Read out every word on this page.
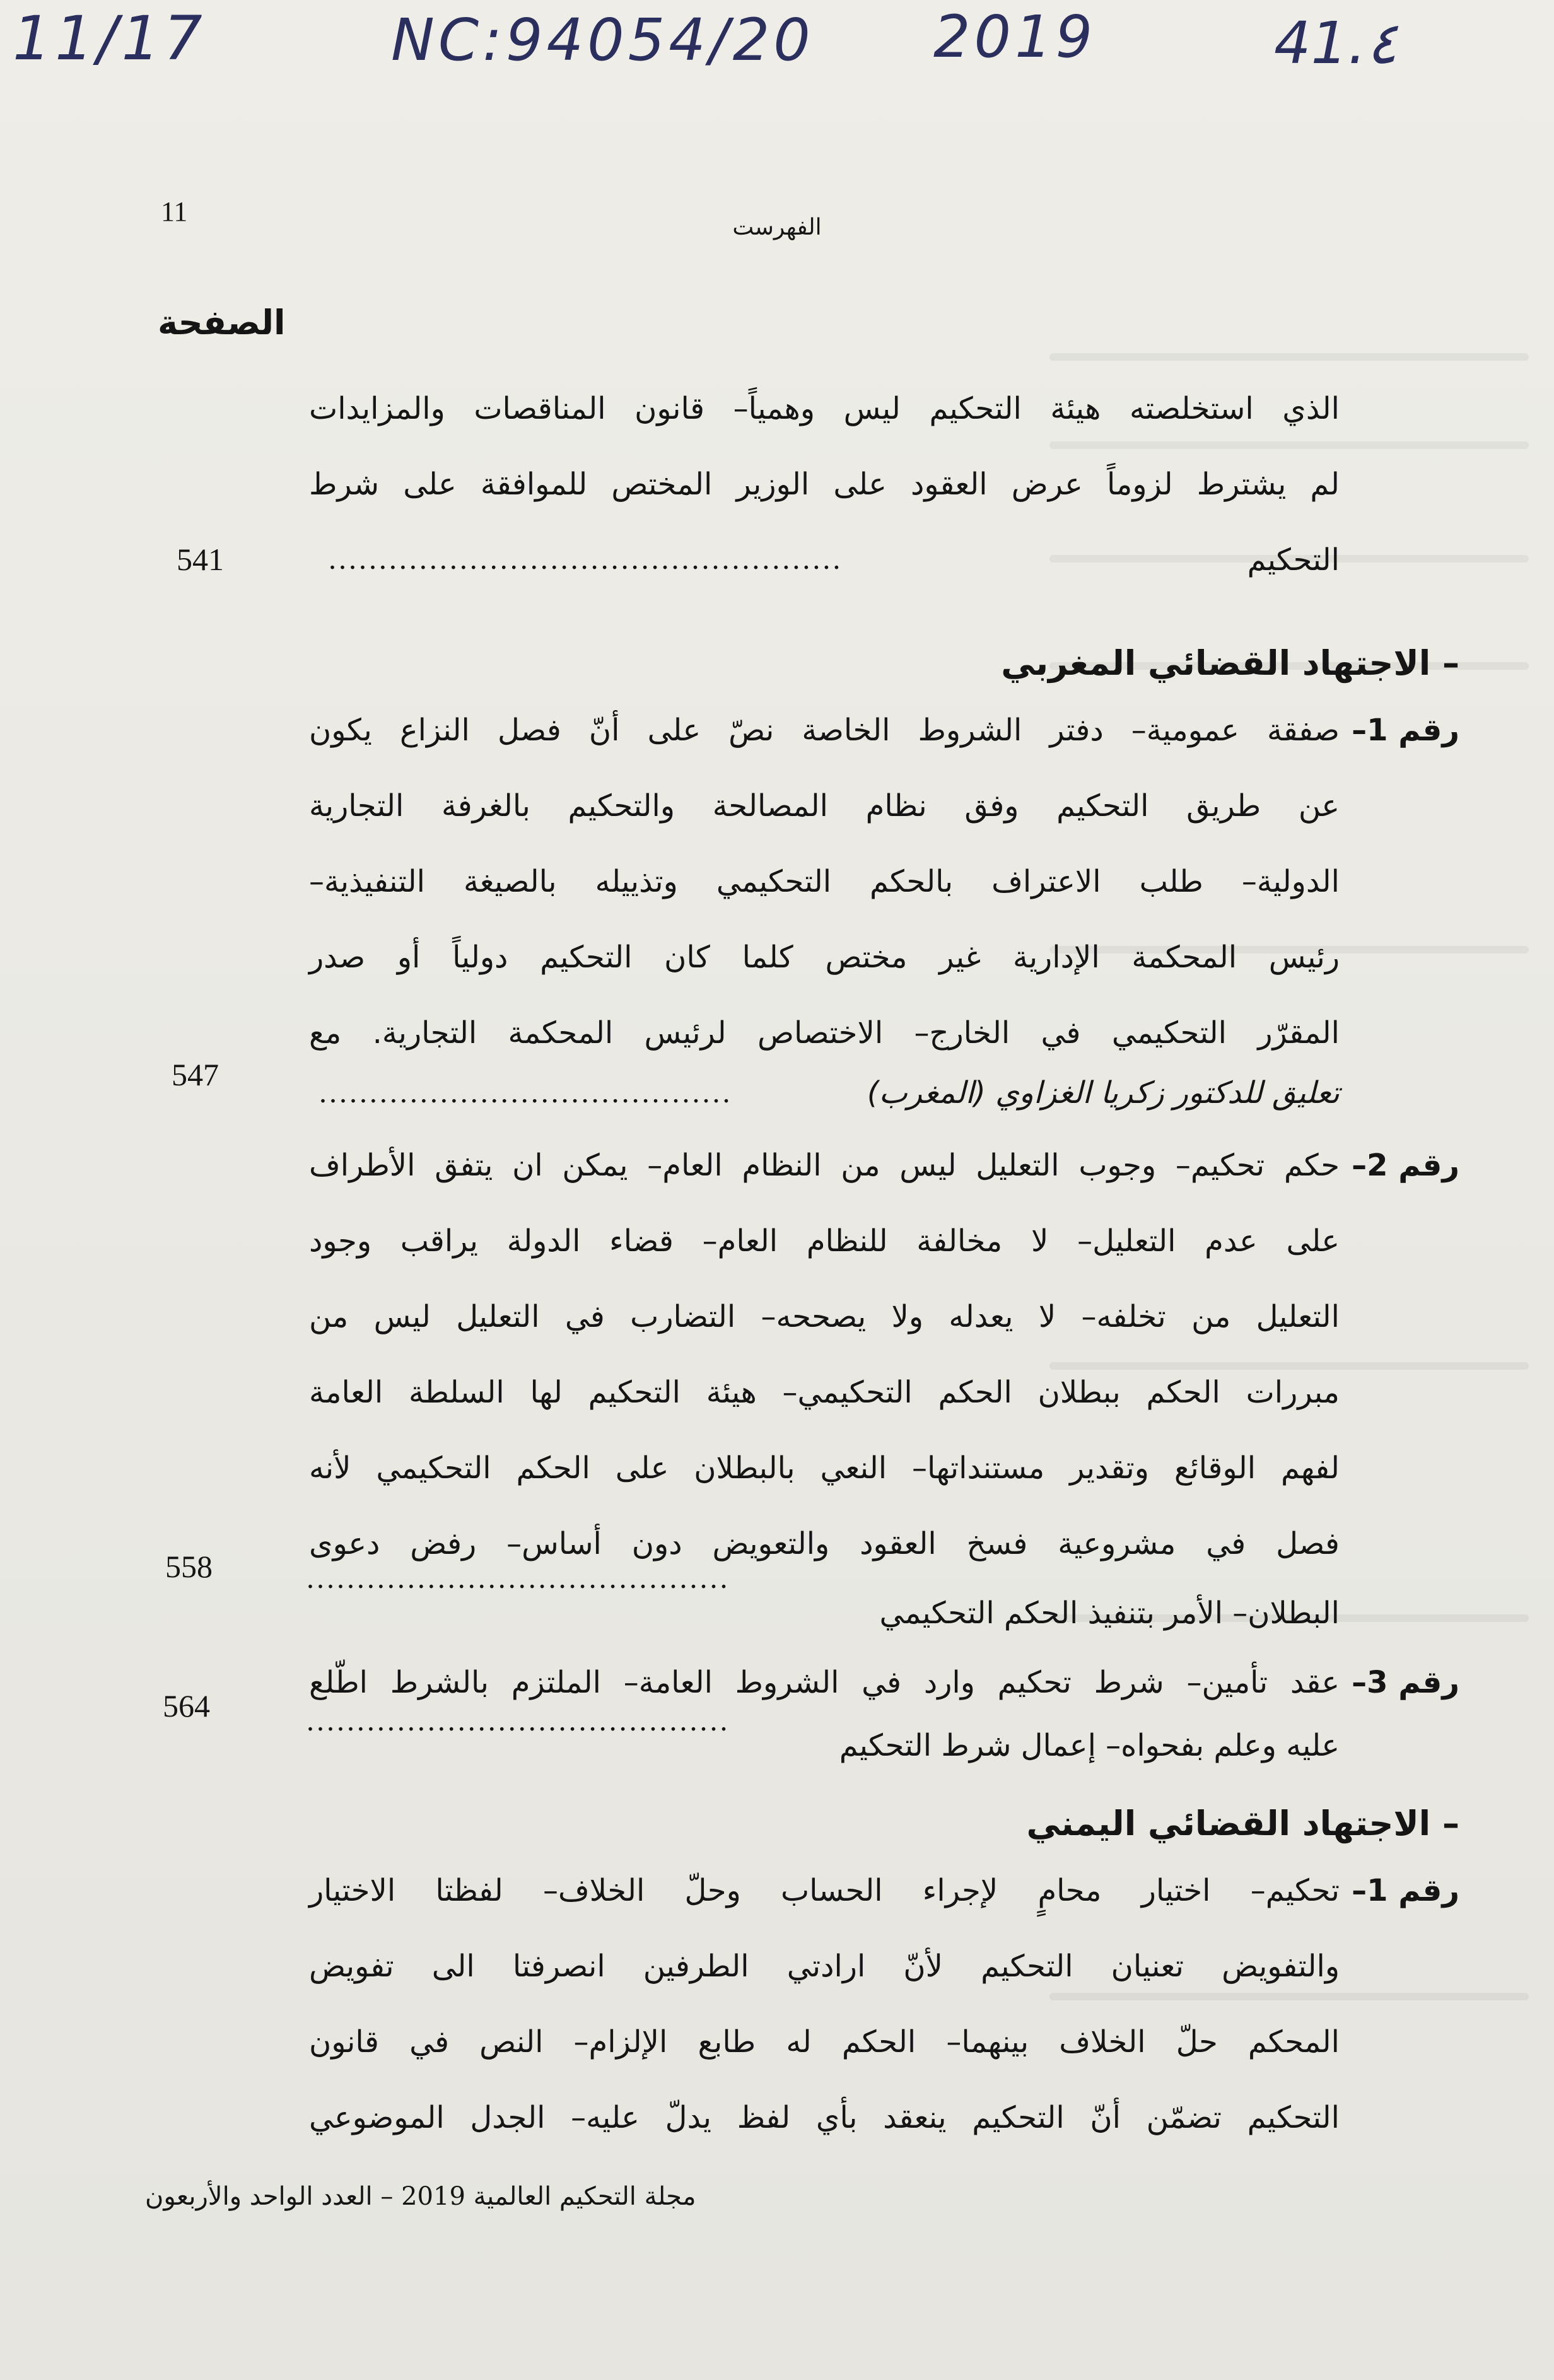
11/17	NC:94054/20 2019	41.٤
11
الفهرست
الصفحة
الذي استخلصته هيئة التحكيم ليس وهمياً– قانون المناقصات والمزايدات
لم يشترط لزوماً عرض العقود على الوزير المختص للموافقة على شرط
التحكيم
...................................................
541
– الاجتهاد القضائي المغربي
رقم 1–
صفقة عمومية– دفتر الشروط الخاصة نصّ على أنّ فصل النزاع يكون
عن طريق التحكيم وفق نظام المصالحة والتحكيم بالغرفة التجارية
الدولية– طلب الاعتراف بالحكم التحكيمي وتذييله بالصيغة التنفيذية–
رئيس المحكمة الإدارية غير مختص كلما كان التحكيم دولياً أو صدر
المقرّر التحكيمي في الخارج– الاختصاص لرئيس المحكمة التجارية. مع
تعليق للدكتور زكريا الغزاوي (المغرب)
.........................................
547
رقم 2–
حكم تحكيم– وجوب التعليل ليس من النظام العام– يمكن ان يتفق الأطراف
على عدم التعليل– لا مخالفة للنظام العام– قضاء الدولة يراقب وجود
التعليل من تخلفه– لا يعدله ولا يصححه– التضارب في التعليل ليس من
مبررات الحكم ببطلان الحكم التحكيمي– هيئة التحكيم لها السلطة العامة
لفهم الوقائع وتقدير مستنداتها– النعي بالبطلان على الحكم التحكيمي لأنه
فصل في مشروعية فسخ العقود والتعويض دون أساس– رفض دعوى
البطلان– الأمر بتنفيذ الحكم التحكيمي
..........................................
558
رقم 3–
عقد تأمين– شرط تحكيم وارد في الشروط العامة– الملتزم بالشرط اطّلع
عليه وعلم بفحواه– إعمال شرط التحكيم
..........................................
564
– الاجتهاد القضائي اليمني
رقم 1–
تحكيم– اختيار محامٍ لإجراء الحساب وحلّ الخلاف– لفظتا الاختيار
والتفويض تعنيان التحكيم لأنّ ارادتي الطرفين انصرفتا الى تفويض
المحكم حلّ الخلاف بينهما– الحكم له طابع الإلزام– النص في قانون
التحكيم تضمّن أنّ التحكيم ينعقد بأي لفظ يدلّ عليه– الجدل الموضوعي
مجلة التحكيم العالمية 2019 – العدد الواحد والأربعون
